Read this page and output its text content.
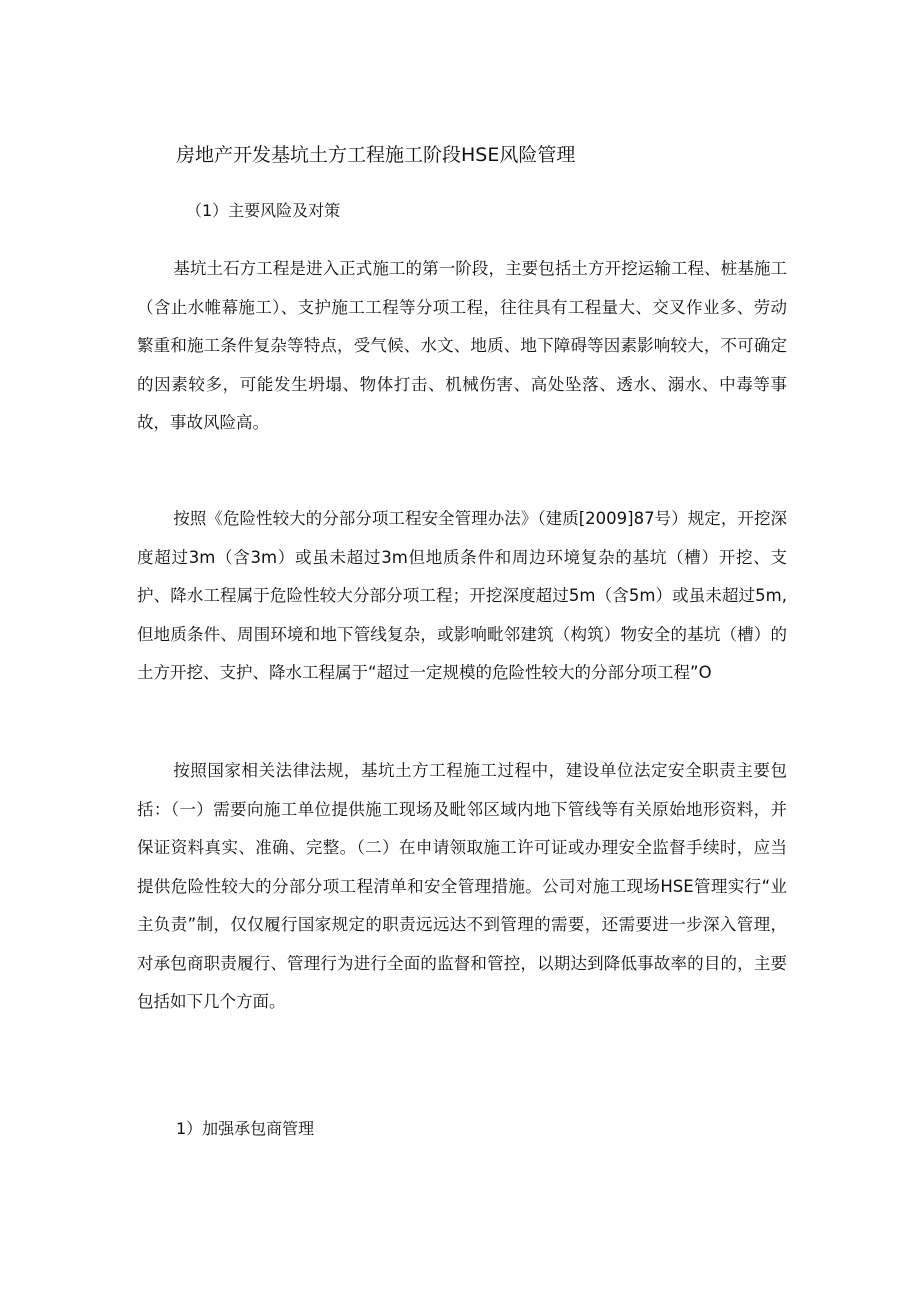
房地产开发基坑土方工程施工阶段HSE风险管理
（1）主要风险及对策

基坑土石方工程是进入正式施工的第一阶段，主要包括土方开挖运输工程、桩基施工（含止水帷幕施工）、支护施工工程等分项工程，往往具有工程量大、交叉作业多、劳动繁重和施工条件复杂等特点，受气候、水文、地质、地下障碍等因素影响较大，不可确定的因素较多，可能发生坍塌、物体打击、机械伤害、高处坠落、透水、溺水、中毒等事故，事故风险高。

按照《危险性较大的分部分项工程安全管理办法》（建质[2009]87号）规定，开挖深度超过3m（含3m）或虽未超过3m但地质条件和周边环境复杂的基坑（槽）开挖、支护、降水工程属于危险性较大分部分项工程；开挖深度超过5m（含5m）或虽未超过5m,但地质条件、周围环境和地下管线复杂，或影响毗邻建筑（构筑）物安全的基坑（槽）的土方开挖、支护、降水工程属于“超过一定规模的危险性较大的分部分项工程”O

按照国家相关法律法规，基坑土方工程施工过程中，建设单位法定安全职责主要包括：（一）需要向施工单位提供施工现场及毗邻区域内地下管线等有关原始地形资料，并保证资料真实、准确、完整。（二）在申请领取施工许可证或办理安全监督手续时，应当提供危险性较大的分部分项工程清单和安全管理措施。公司对施工现场HSE管理实行“业主负责”制，仅仅履行国家规定的职责远远达不到管理的需要，还需要进一步深入管理，对承包商职责履行、管理行为进行全面的监督和管控，以期达到降低事故率的目的，主要包括如下几个方面。

1）加强承包商管理
